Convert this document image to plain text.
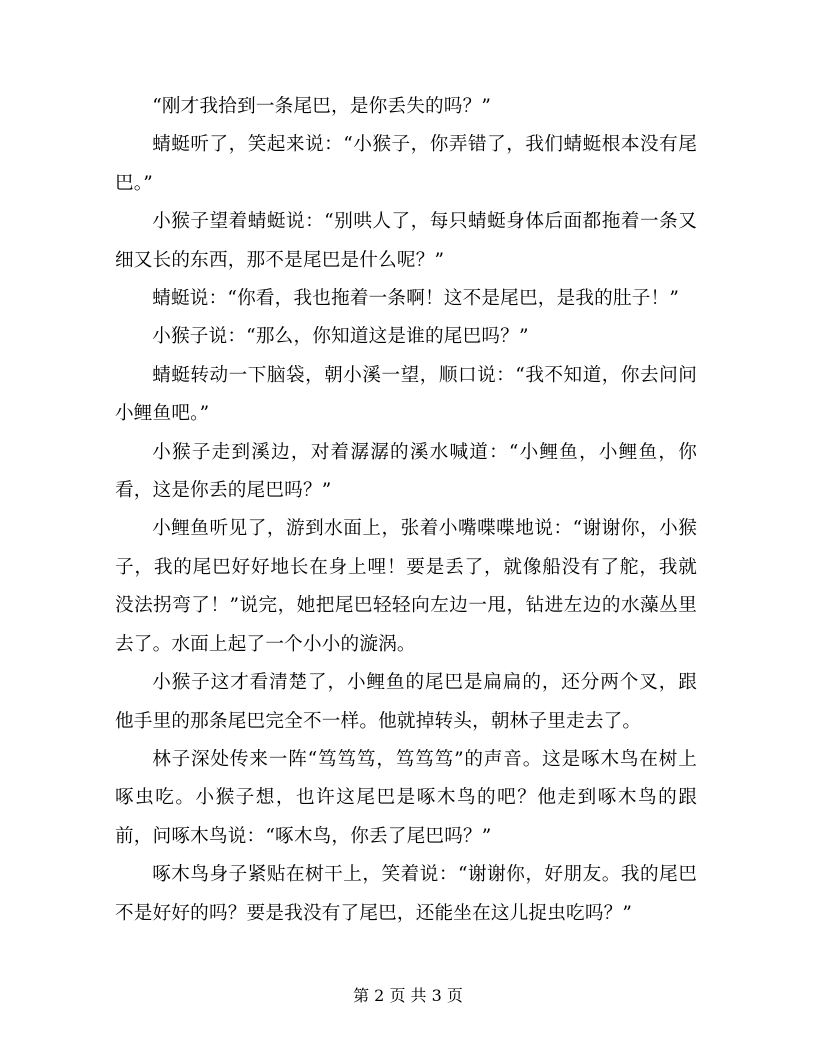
“刚才我拾到一条尾巴，是你丢失的吗？”

蜻蜓听了，笑起来说：“小猴子，你弄错了，我们蜻蜓根本没有尾巴。”

小猴子望着蜻蜓说：“别哄人了，每只蜻蜓身体后面都拖着一条又细又长的东西，那不是尾巴是什么呢？”

蜻蜓说：“你看，我也拖着一条啊！这不是尾巴，是我的肚子！”

小猴子说：“那么，你知道这是谁的尾巴吗？”

蜻蜓转动一下脑袋，朝小溪一望，顺口说：“我不知道，你去问问小鲤鱼吧。”

小猴子走到溪边，对着潺潺的溪水喊道：“小鲤鱼，小鲤鱼，你看，这是你丢的尾巴吗？”

小鲤鱼听见了，游到水面上，张着小嘴喋喋地说：“谢谢你，小猴子，我的尾巴好好地长在身上哩！要是丢了，就像船没有了舵，我就没法拐弯了！”说完，她把尾巴轻轻向左边一甩，钻进左边的水藻丛里去了。水面上起了一个小小的漩涡。

小猴子这才看清楚了，小鲤鱼的尾巴是扁扁的，还分两个叉，跟他手里的那条尾巴完全不一样。他就掉转头，朝林子里走去了。

林子深处传来一阵“笃笃笃，笃笃笃”的声音。这是啄木鸟在树上啄虫吃。小猴子想，也许这尾巴是啄木鸟的吧？他走到啄木鸟的跟前，问啄木鸟说：“啄木鸟，你丢了尾巴吗？”

啄木鸟身子紧贴在树干上，笑着说：“谢谢你，好朋友。我的尾巴不是好好的吗？要是我没有了尾巴，还能坐在这儿捉虫吃吗？”

第 2 页 共 3 页
